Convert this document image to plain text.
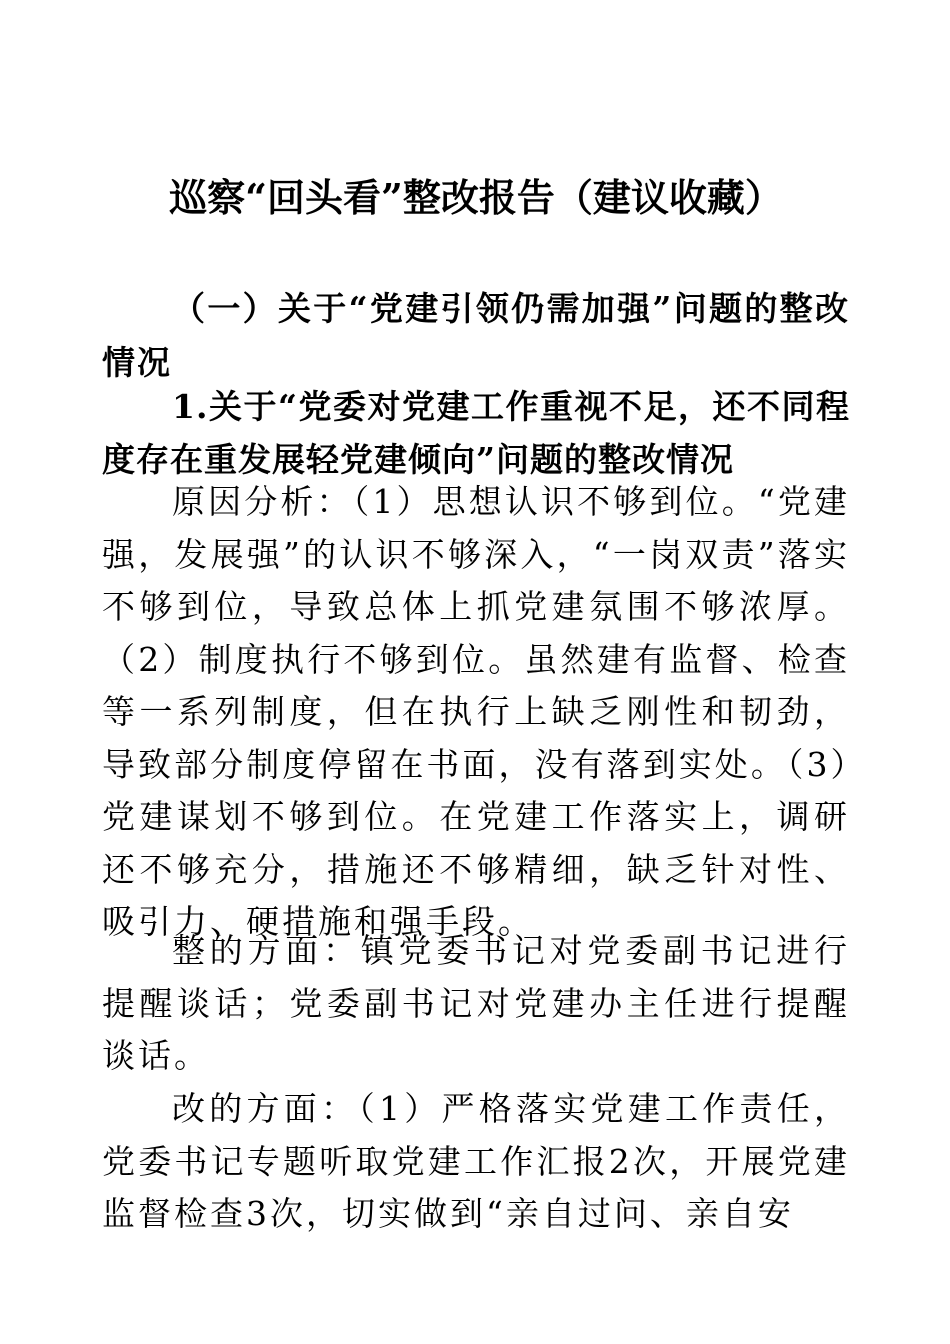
巡察“回头看”整改报告（建议收藏）
（一）关于“党建引领仍需加强”问题的整改情况
1.关于“党委对党建工作重视不足，还不同程度存在重发展轻党建倾向”问题的整改情况
原因分析：（1）思想认识不够到位。“党建强，发展强”的认识不够深入，“一岗双责”落实不够到位，导致总体上抓党建氛围不够浓厚。（2）制度执行不够到位。虽然建有监督、检查等一系列制度，但在执行上缺乏刚性和韧劲，导致部分制度停留在书面，没有落到实处。（3）党建谋划不够到位。在党建工作落实上，调研还不够充分，措施还不够精细，缺乏针对性、吸引力、硬措施和强手段。
整的方面：镇党委书记对党委副书记进行提醒谈话；党委副书记对党建办主任进行提醒谈话。
改的方面：（1）严格落实党建工作责任，党委书记专题听取党建工作汇报2次，开展党建监督检查3次，切实做到“亲自过问、亲自安
